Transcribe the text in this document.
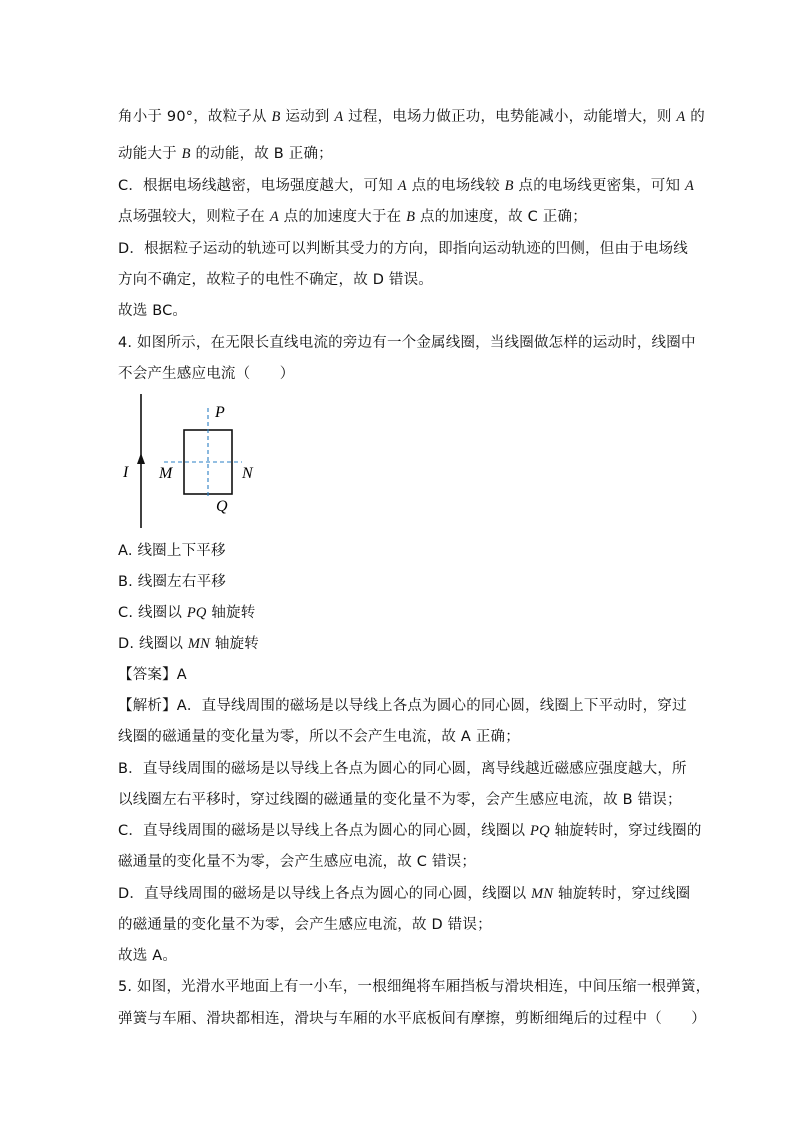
角小于 90°，故粒子从 B 运动到 A 过程，电场力做正功，电势能减小，动能增大，则 A 的
动能大于 B 的动能，故 B 正确；
C．根据电场线越密，电场强度越大，可知 A 点的电场线较 B 点的电场线更密集，可知 A
点场强较大，则粒子在 A 点的加速度大于在 B 点的加速度，故 C 正确；
D．根据粒子运动的轨迹可以判断其受力的方向，即指向运动轨迹的凹侧，但由于电场线
方向不确定，故粒子的电性不确定，故 D 错误。
故选 BC。
4. 如图所示，在无限长直线电流的旁边有一个金属线圈，当线圈做怎样的运动时，线圈中
不会产生感应电流（　　）
A. 线圈上下平移
B. 线圈左右平移
C. 线圈以 PQ 轴旋转
D. 线圈以 MN 轴旋转
【答案】A
【解析】A．直导线周围的磁场是以导线上各点为圆心的同心圆，线圈上下平动时，穿过
线圈的磁通量的变化量为零，所以不会产生电流，故 A 正确；
B．直导线周围的磁场是以导线上各点为圆心的同心圆，离导线越近磁感应强度越大，所
以线圈左右平移时，穿过线圈的磁通量的变化量不为零，会产生感应电流，故 B 错误；
C．直导线周围的磁场是以导线上各点为圆心的同心圆，线圈以 PQ 轴旋转时，穿过线圈的
磁通量的变化量不为零，会产生感应电流，故 C 错误；
D．直导线周围的磁场是以导线上各点为圆心的同心圆，线圈以 MN 轴旋转时，穿过线圈
的磁通量的变化量不为零，会产生感应电流，故 D 错误；
故选 A。
5. 如图，光滑水平地面上有一小车，一根细绳将车厢挡板与滑块相连，中间压缩一根弹簧，
弹簧与车厢、滑块都相连，滑块与车厢的水平底板间有摩擦，剪断细绳后的过程中（　　）
I
P
Q
M	N
